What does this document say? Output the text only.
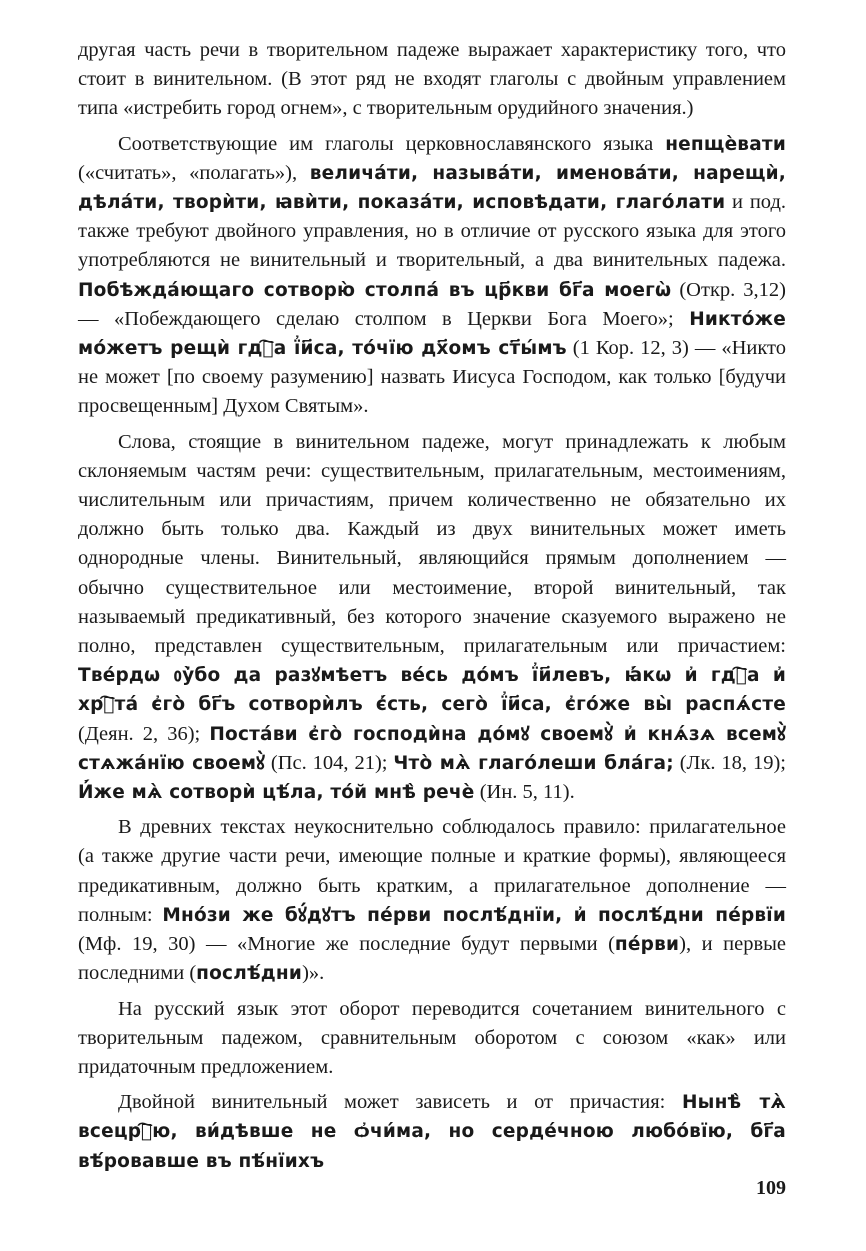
другая часть речи в творительном падеже выражает характеристику того, что стоит в винительном. (В этот ряд не входят глаголы с двойным управлением типа «истребить город огнем», с творительным орудийного значения.)

Соответствующие им глаголы церковнославянского языка непщѐвати («считать», «полагать»), величáти, назывáти, именовáти, нарещѝ, дѣлáти, творѝти, ꙗвѝти, показáти, исповѣдати, глагóлати и под. также требуют двойного управления, но в отличие от русского языка для этого употребляются не винительный и творительный, а два винительных падежа. Побѣждáющаго сотворю̀ столпá въ цр҃кви бг҃а моегѡ̀ (Откр. 3,12) — «Побеждающего сделаю столпом в Церкви Бога Моего»; Никтóже мóжетъ рещѝ гдⷭ҇а ї҆и҃са, тóчїю дх҃омъ ст҃ы́мъ (1 Кор. 12, 3) — «Никто не может [по своему разумению] назвать Иисуса Господом, как только [будучи просвещенным] Духом Святым».

Слова, стоящие в винительном падеже, могут принадлежать к любым склоняемым частям речи: существительным, прилагательным, местоимениям, числительным или причастиям, причем количественно не обязательно их должно быть только два. Каждый из двух винительных может иметь однородные члены. Винительный, являющийся прямым дополнением — обычно существительное или местоимение, второй винительный, так называемый предикативный, без которого значение сказуемого выражено не полно, представлен существительным, прилагательным или причастием: Твéрдѡ ᲂу҆̀бо да разꙋмѣетъ вéсь дóмъ ї҆и҃левъ, ꙗ҆́кѡ и҆ гдⷭ҇а и҆ хрⷭ҇тá є҆гò бг҃ъ сотворѝлъ є҆́сть, сегò ї҆и҃са, є҆гóже вы̀ распѧ́сте (Деян. 2, 36); Постáви є҆гò господѝна дóмꙋ своемꙋ̀ и҆ кнѧ́зѧ всемꙋ̀ стѧжáнїю своемꙋ̀ (Пс. 104, 21); Что̀ мѧ̀ глагóлеши блáга; (Лк. 18, 19); И҆́же мѧ̀ сотворѝ цѣ́ла, тóй мнѣ̀ речѐ (Ин. 5, 11).

В древних текстах неукоснительно соблюдалось правило: прилагательное (а также другие части речи, имеющие полные и краткие формы), являющееся предикативным, должно быть кратким, а прилагательное дополнение — полным: Мнóзи же бꙋ́дꙋтъ пéрви послѣ́днїи, и҆ послѣ́дни пéрвїи (Мф. 19, 30) — «Многие же последние будут первыми (пéрви), и первые последними (послѣ́дни)».

На русский язык этот оборот переводится сочетанием винительного с творительным падежом, сравнительным оборотом с союзом «как» или придаточным предложением.

Двойной винительный может зависеть и от причастия: Нынѣ̀ тѧ̀ всецрⷭ҇ю, ви́дѣвше не ѻ҆чи́ма, но сердéчною любóвїю, бг҃а вѣ́ровавше въ пѣ́нїихъ

109
